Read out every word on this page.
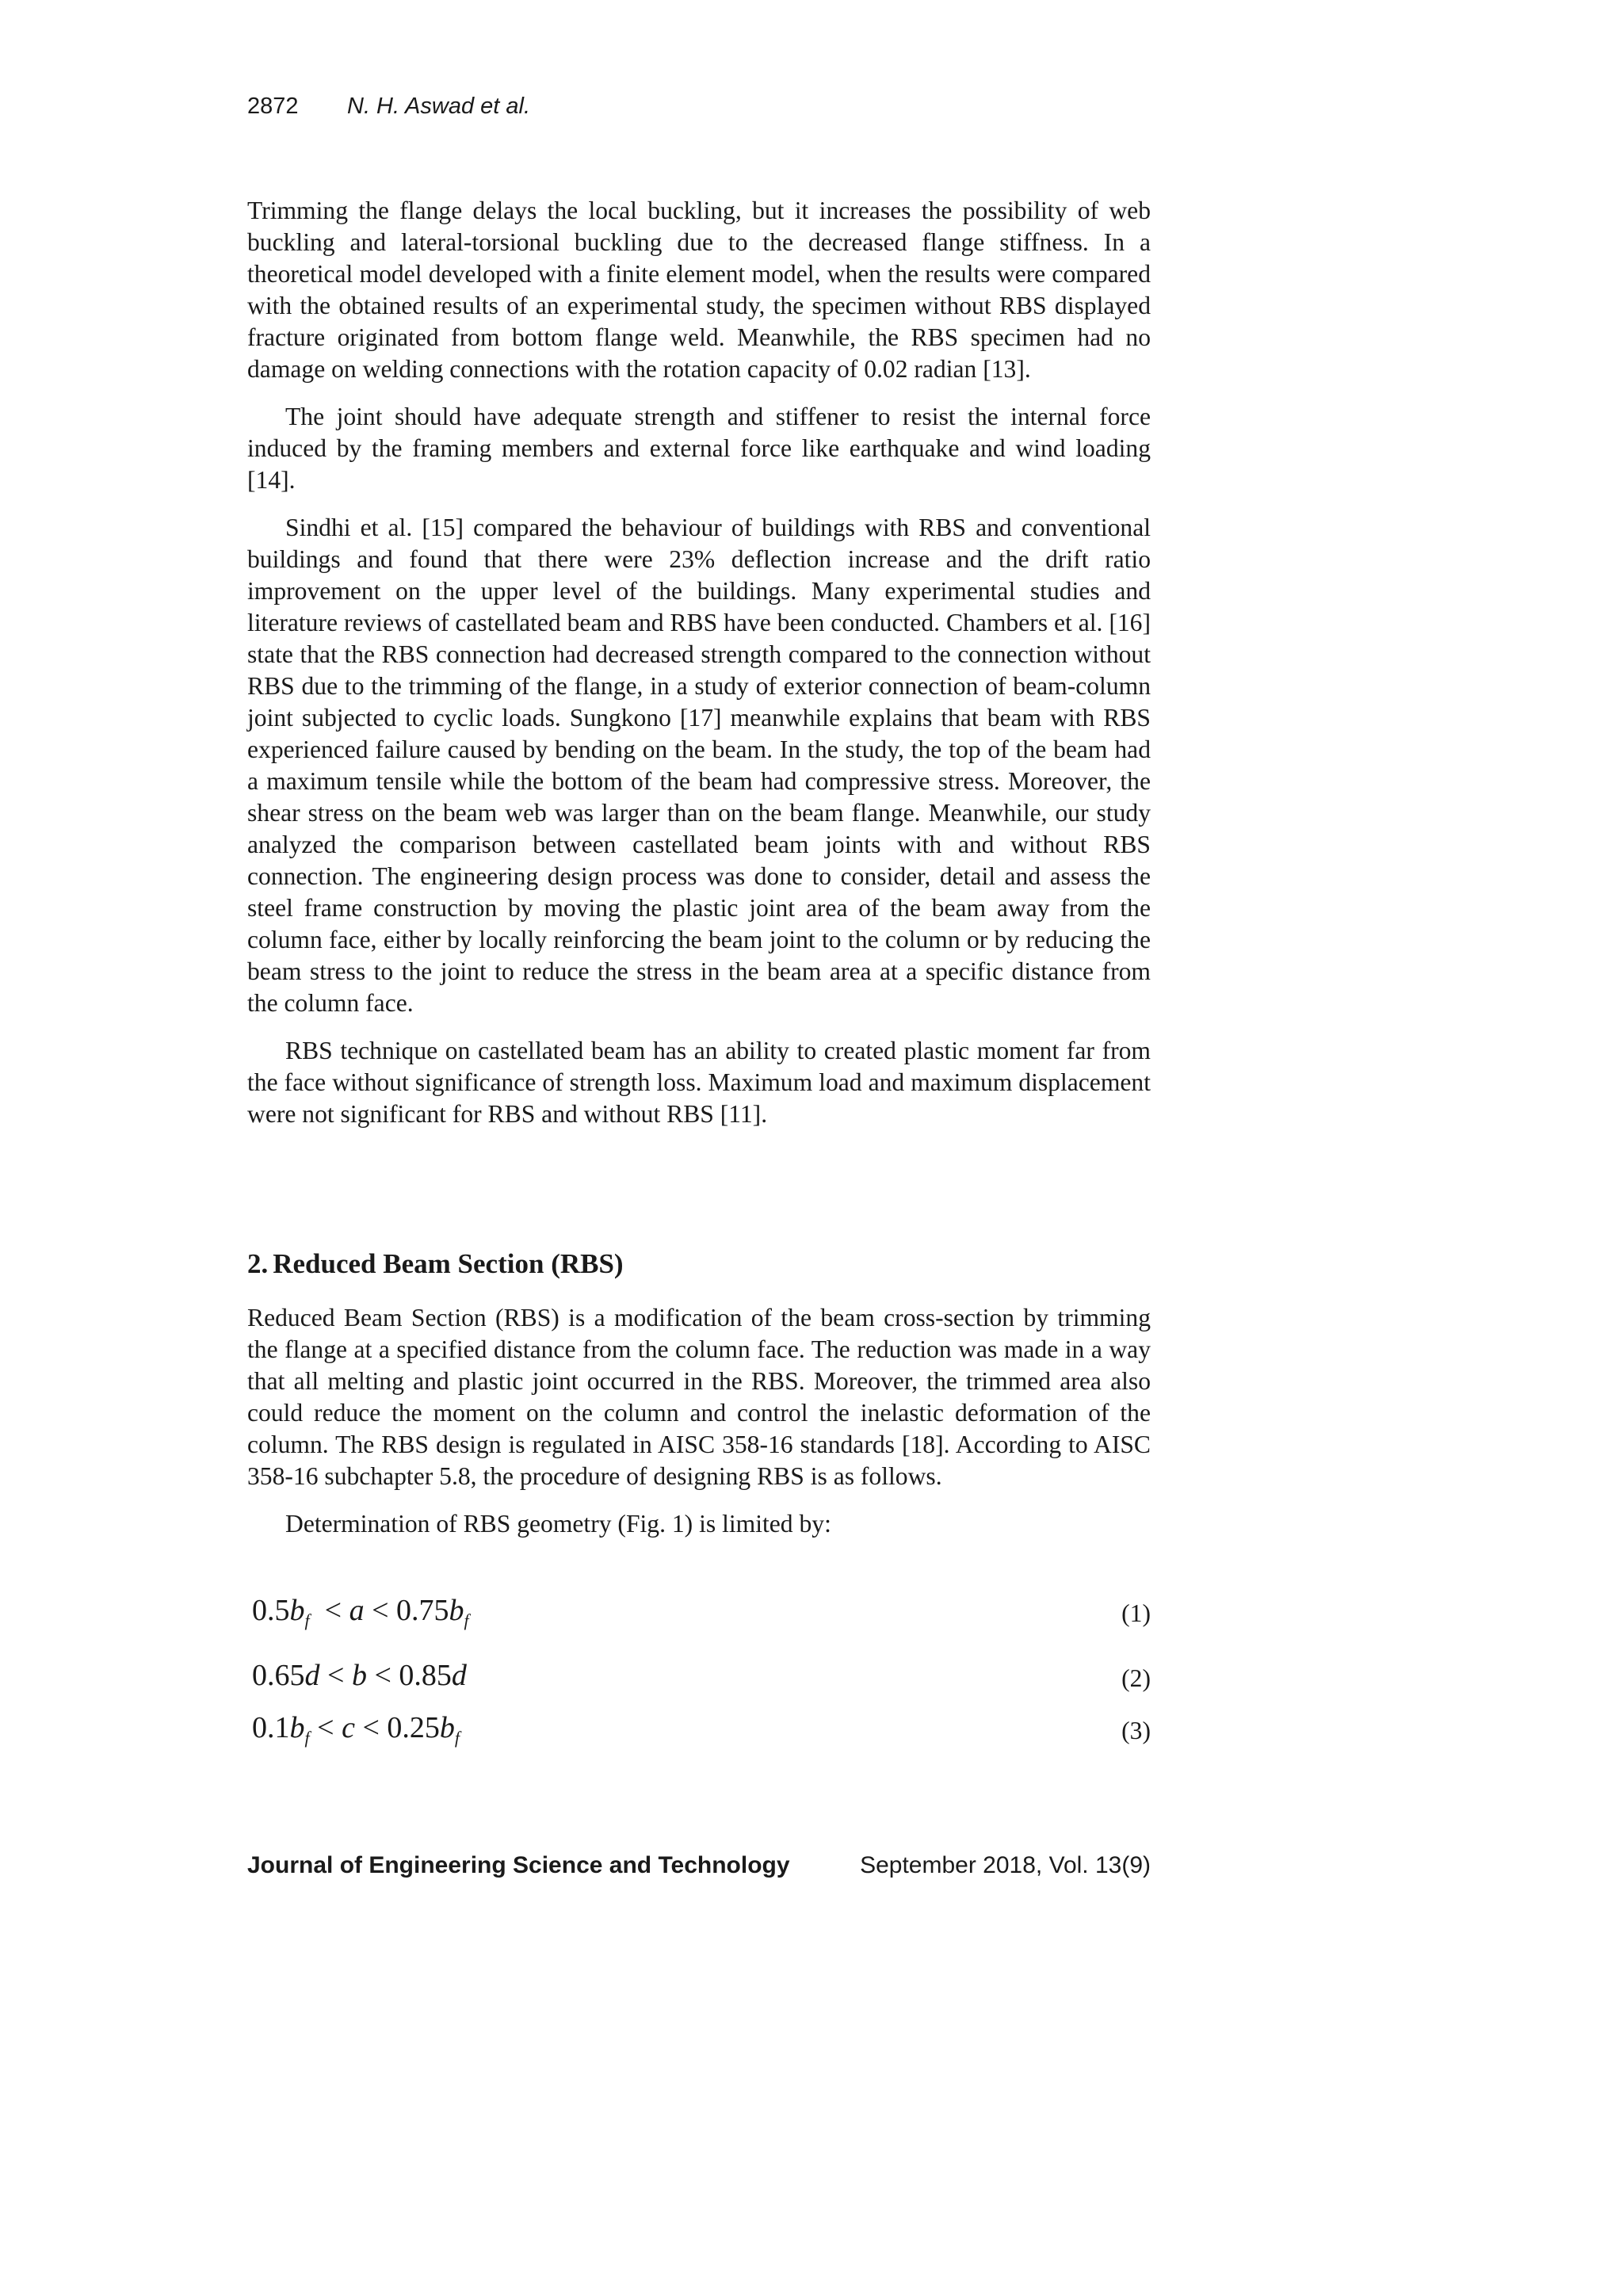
2872 N. H. Aswad et al.

Trimming the flange delays the local buckling, but it increases the possibility of web buckling and lateral-torsional buckling due to the decreased flange stiffness. In a theoretical model developed with a finite element model, when the results were compared with the obtained results of an experimental study, the specimen without RBS displayed fracture originated from bottom flange weld. Meanwhile, the RBS specimen had no damage on welding connections with the rotation capacity of 0.02 radian [13].

The joint should have adequate strength and stiffener to resist the internal force induced by the framing members and external force like earthquake and wind loading [14].

Sindhi et al. [15] compared the behaviour of buildings with RBS and conventional buildings and found that there were 23% deflection increase and the drift ratio improvement on the upper level of the buildings. Many experimental studies and literature reviews of castellated beam and RBS have been conducted. Chambers et al. [16] state that the RBS connection had decreased strength compared to the connection without RBS due to the trimming of the flange, in a study of exterior connection of beam-column joint subjected to cyclic loads. Sungkono [17] meanwhile explains that beam with RBS experienced failure caused by bending on the beam. In the study, the top of the beam had a maximum tensile while the bottom of the beam had compressive stress. Moreover, the shear stress on the beam web was larger than on the beam flange. Meanwhile, our study analyzed the comparison between castellated beam joints with and without RBS connection. The engineering design process was done to consider, detail and assess the steel frame construction by moving the plastic joint area of the beam away from the column face, either by locally reinforcing the beam joint to the column or by reducing the beam stress to the joint to reduce the stress in the beam area at a specific distance from the column face.

RBS technique on castellated beam has an ability to created plastic moment far from the face without significance of strength loss. Maximum load and maximum displacement were not significant for RBS and without RBS [11].

2. Reduced Beam Section (RBS)

Reduced Beam Section (RBS) is a modification of the beam cross-section by trimming the flange at a specified distance from the column face. The reduction was made in a way that all melting and plastic joint occurred in the RBS. Moreover, the trimmed area also could reduce the moment on the column and control the inelastic deformation of the column. The RBS design is regulated in AISC 358-16 standards [18]. According to AISC 358-16 subchapter 5.8, the procedure of designing RBS is as follows.

Determination of RBS geometry (Fig. 1) is limited by:

$0.5b_f < a < 0.75b_f$	(1)
0.65d < b < 0.85d	(2)
$0.1b_f < c < 0.25b_f$	(3)
Journal of Engineering Science and Technology	September 2018, Vol. 13(9)
